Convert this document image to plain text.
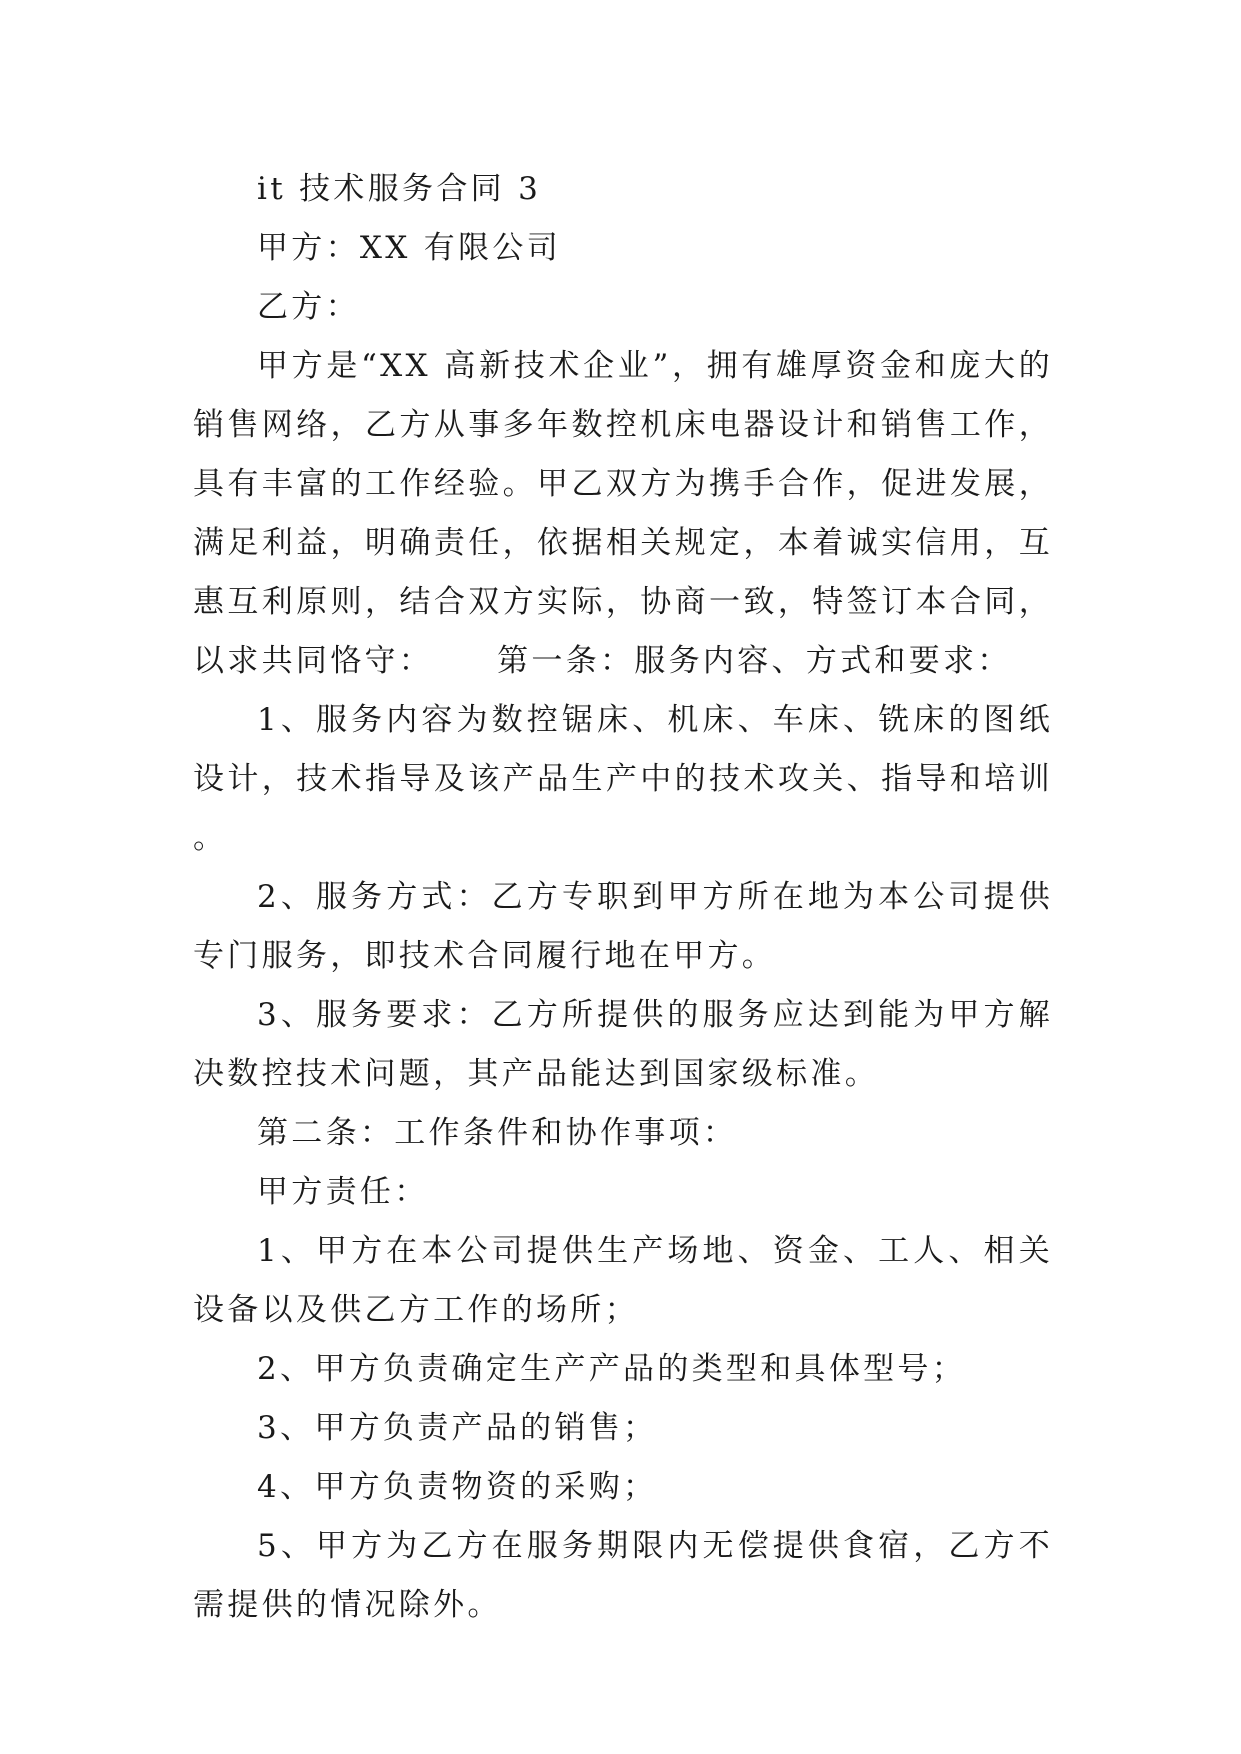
it 技术服务合同 3

甲方：XX 有限公司

乙方：

甲方是“XX 高新技术企业”，拥有雄厚资金和庞大的销售网络，乙方从事多年数控机床电器设计和销售工作，具有丰富的工作经验。甲乙双方为携手合作，促进发展，满足利益，明确责任，依据相关规定，本着诚实信用，互惠互利原则，结合双方实际，协商一致，特签订本合同，以求共同恪守： 第一条：服务内容、方式和要求：

1、服务内容为数控锯床、机床、车床、铣床的图纸设计，技术指导及该产品生产中的技术攻关、指导和培训。

2、服务方式：乙方专职到甲方所在地为本公司提供专门服务，即技术合同履行地在甲方。

3、服务要求：乙方所提供的服务应达到能为甲方解决数控技术问题，其产品能达到国家级标准。

第二条：工作条件和协作事项：

甲方责任：

1、甲方在本公司提供生产场地、资金、工人、相关设备以及供乙方工作的场所；

2、甲方负责确定生产产品的类型和具体型号；

3、甲方负责产品的销售；

4、甲方负责物资的采购；

5、甲方为乙方在服务期限内无偿提供食宿，乙方不需提供的情况除外。
